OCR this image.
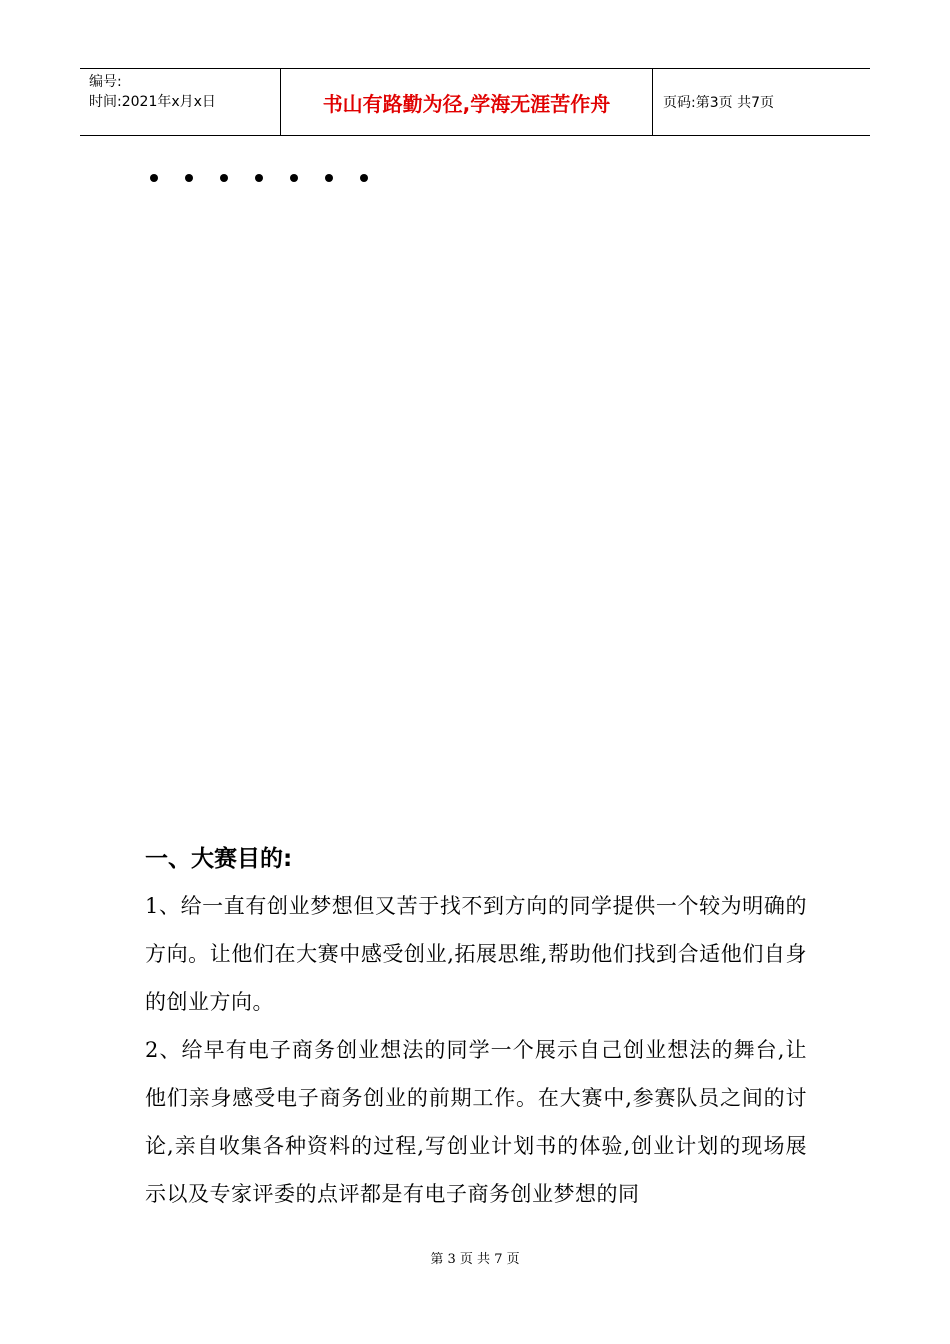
编号:
时间:2021年x月x日	书山有路勤为径,学海无涯苦作舟	页码:第3页 共7页
一、大赛目的:

1、给一直有创业梦想但又苦于找不到方向的同学提供一个较为明确的方向。让他们在大赛中感受创业,拓展思维,帮助他们找到合适他们自身的创业方向。

2、给早有电子商务创业想法的同学一个展示自己创业想法的舞台,让他们亲身感受电子商务创业的前期工作。在大赛中,参赛队员之间的讨论,亲自收集各种资料的过程,写创业计划书的体验,创业计划的现场展示以及专家评委的点评都是有电子商务创业梦想的同

第 3 页 共 7 页
